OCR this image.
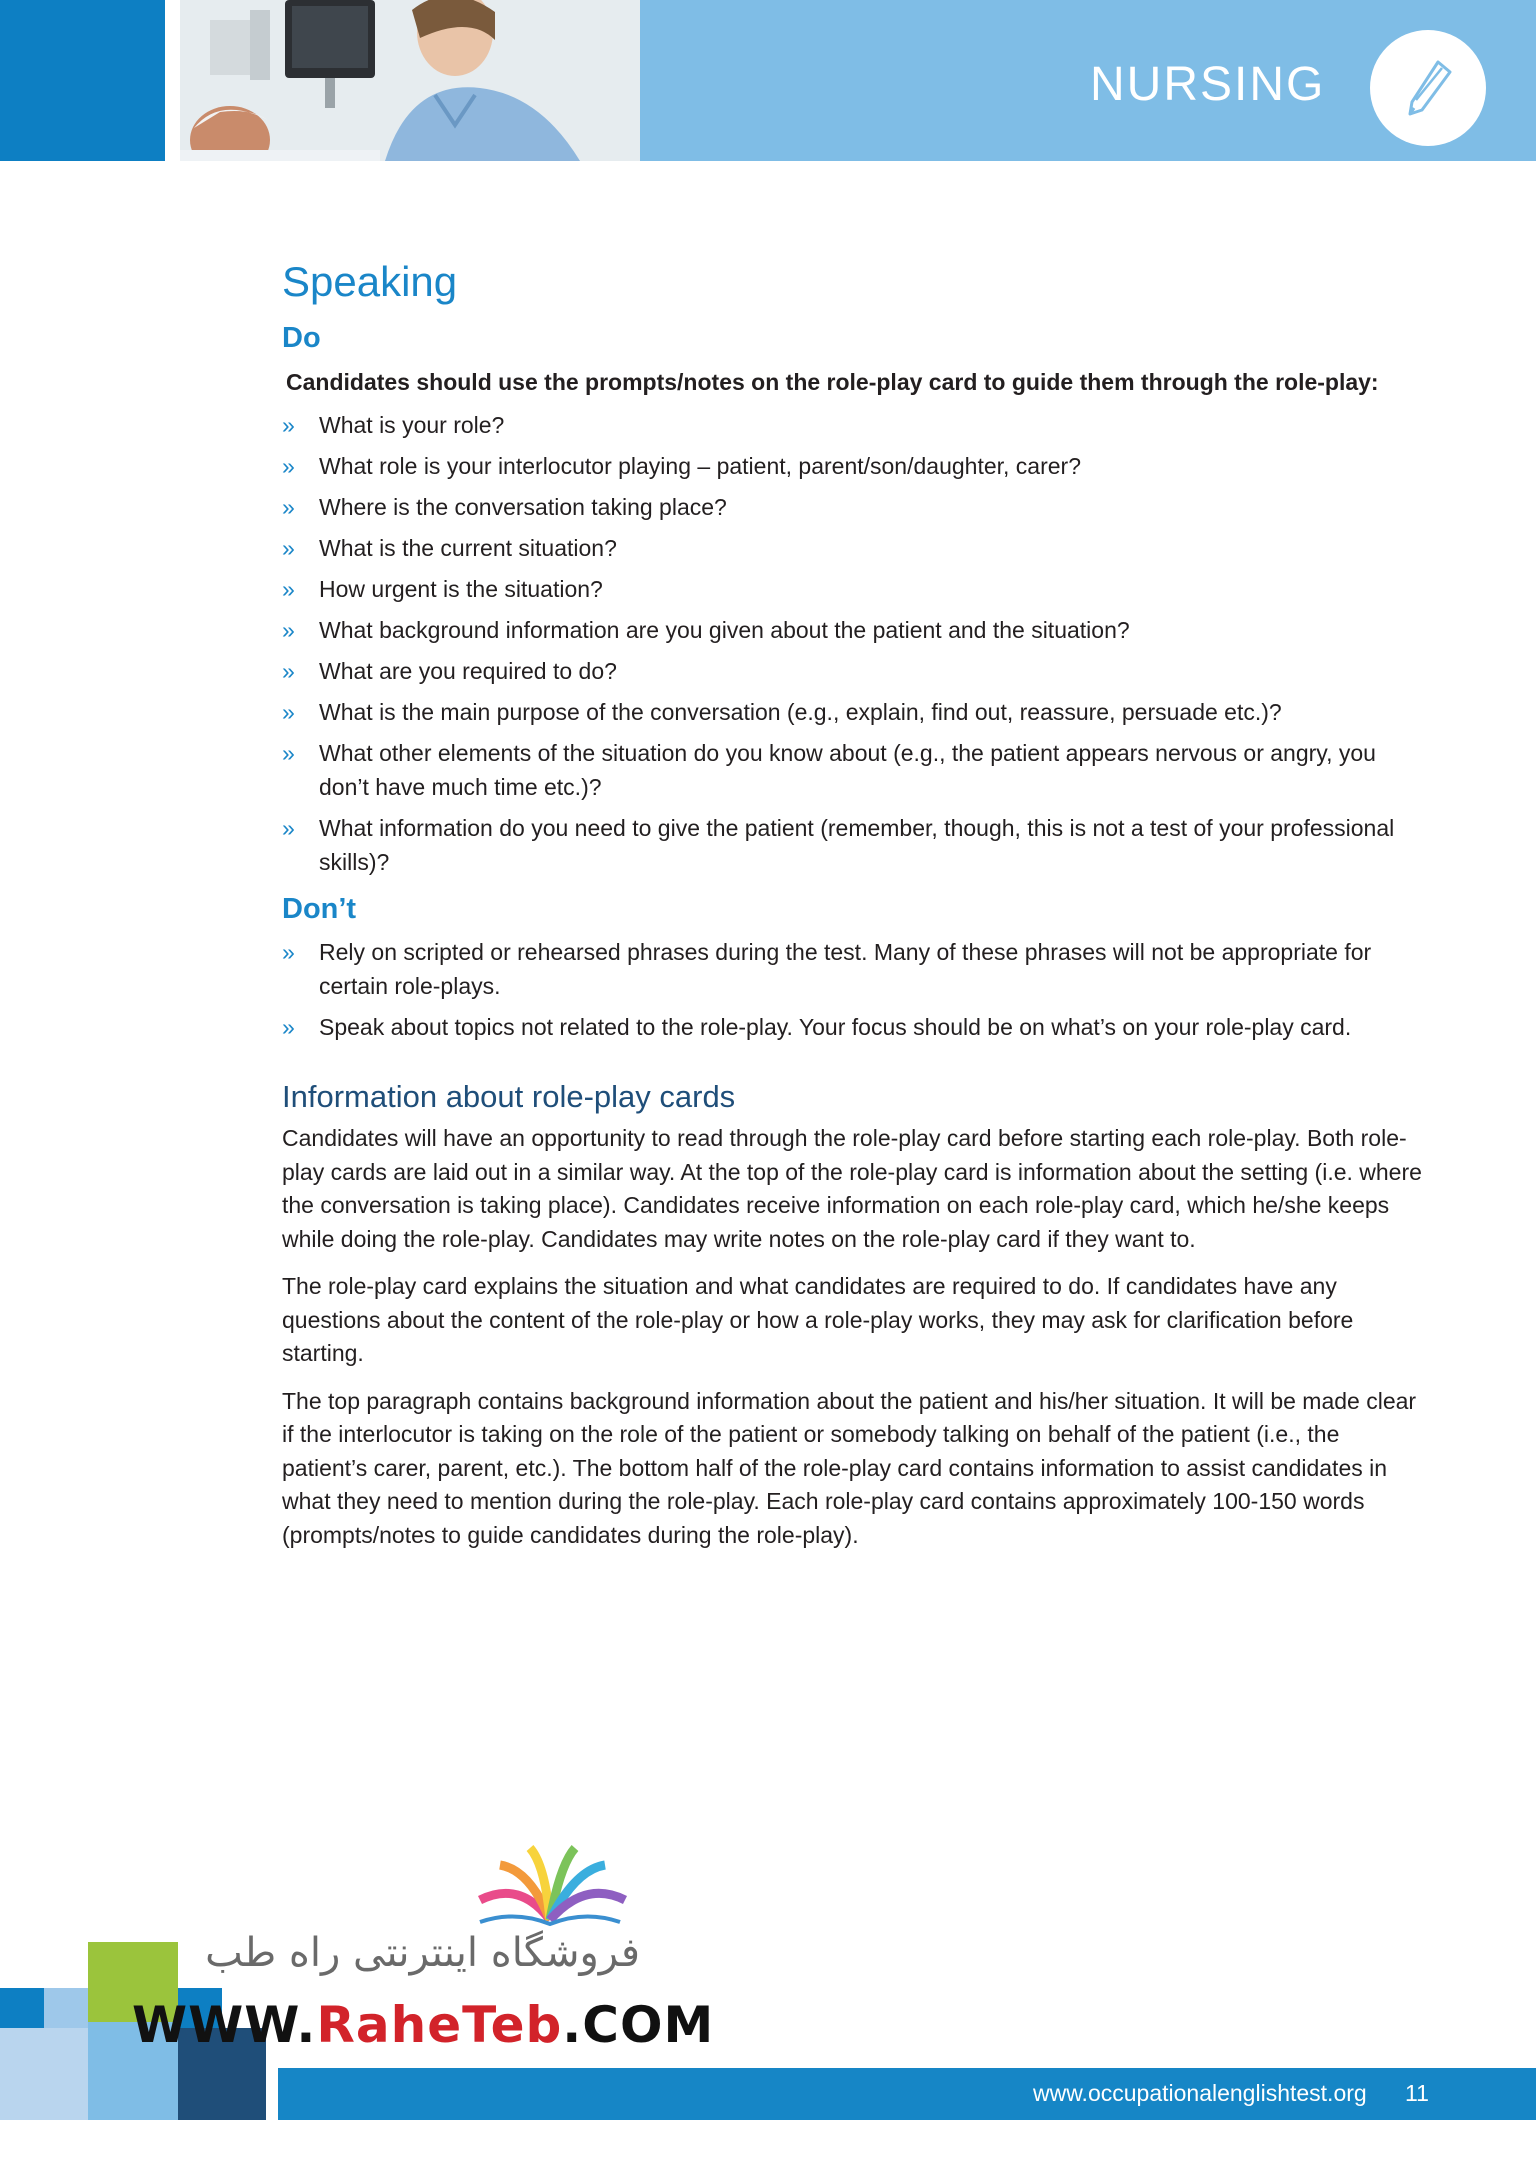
NURSING
Speaking
Do
Candidates should use the prompts/notes on the role-play card to guide them through the role-play:
» What is your role?
» What role is your interlocutor playing – patient, parent/son/daughter, carer?
» Where is the conversation taking place?
» What is the current situation?
» How urgent is the situation?
» What background information are you given about the patient and the situation?
» What are you required to do?
» What is the main purpose of the conversation (e.g., explain, find out, reassure, persuade etc.)?
» What other elements of the situation do you know about (e.g., the patient appears nervous or angry, you don’t have much time etc.)?
» What information do you need to give the patient (remember, though, this is not a test of your professional skills)?
Don’t
» Rely on scripted or rehearsed phrases during the test. Many of these phrases will not be appropriate for certain role-plays.
» Speak about topics not related to the role-play. Your focus should be on what’s on your role-play card.
Information about role-play cards

Candidates will have an opportunity to read through the role-play card before starting each role-play. Both role-play cards are laid out in a similar way. At the top of the role-play card is information about the setting (i.e. where the conversation is taking place). Candidates receive information on each role-play card, which he/she keeps while doing the role-play. Candidates may write notes on the role-play card if they want to.

The role-play card explains the situation and what candidates are required to do. If candidates have any questions about the content of the role-play or how a role-play works, they may ask for clarification before starting.

The top paragraph contains background information about the patient and his/her situation. It will be made clear if the interlocutor is taking on the role of the patient or somebody talking on behalf of the patient (i.e., the patient’s carer, parent, etc.). The bottom half of the role-play card contains information to assist candidates in what they need to mention during the role-play. Each role-play card contains approximately 100-150 words (prompts/notes to guide candidates during the role-play).

فروشگاه اینترنتی راه طب
WWW.RaheTeb.COM
www.occupationalenglishtest.org 11
